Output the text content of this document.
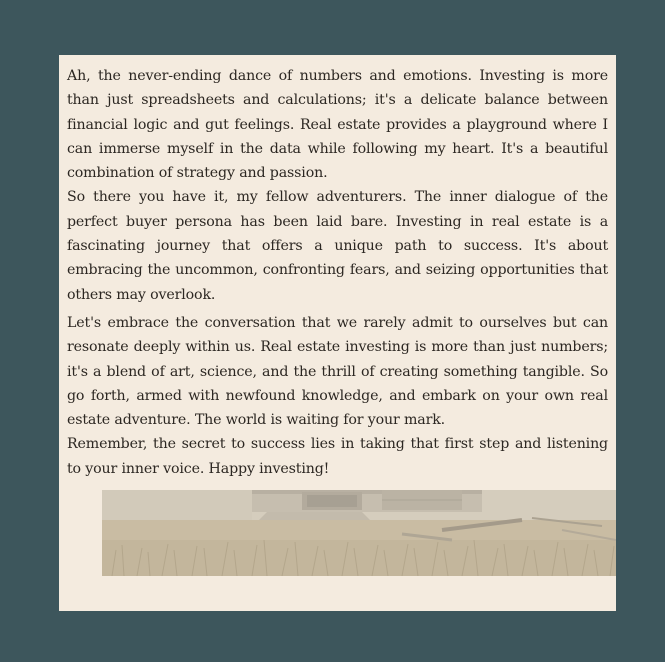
Ah, the never-ending dance of numbers and emotions. Investing is more than just spreadsheets and calculations; it's a delicate balance between financial logic and gut feelings. Real estate provides a playground where I can immerse myself in the data while following my heart. It's a beautiful combination of strategy and passion.
So there you have it, my fellow adventurers. The inner dialogue of the perfect buyer persona has been laid bare. Investing in real estate is a fascinating journey that offers a unique path to success. It's about embracing the uncommon, confronting fears, and seizing opportunities that others may overlook.
Let's embrace the conversation that we rarely admit to ourselves but can resonate deeply within us. Real estate investing is more than just numbers; it's a blend of art, science, and the thrill of creating something tangible. So go forth, armed with newfound knowledge, and embark on your own real estate adventure. The world is waiting for your mark.
Remember, the secret to success lies in taking that first step and listening to your inner voice. Happy investing!
